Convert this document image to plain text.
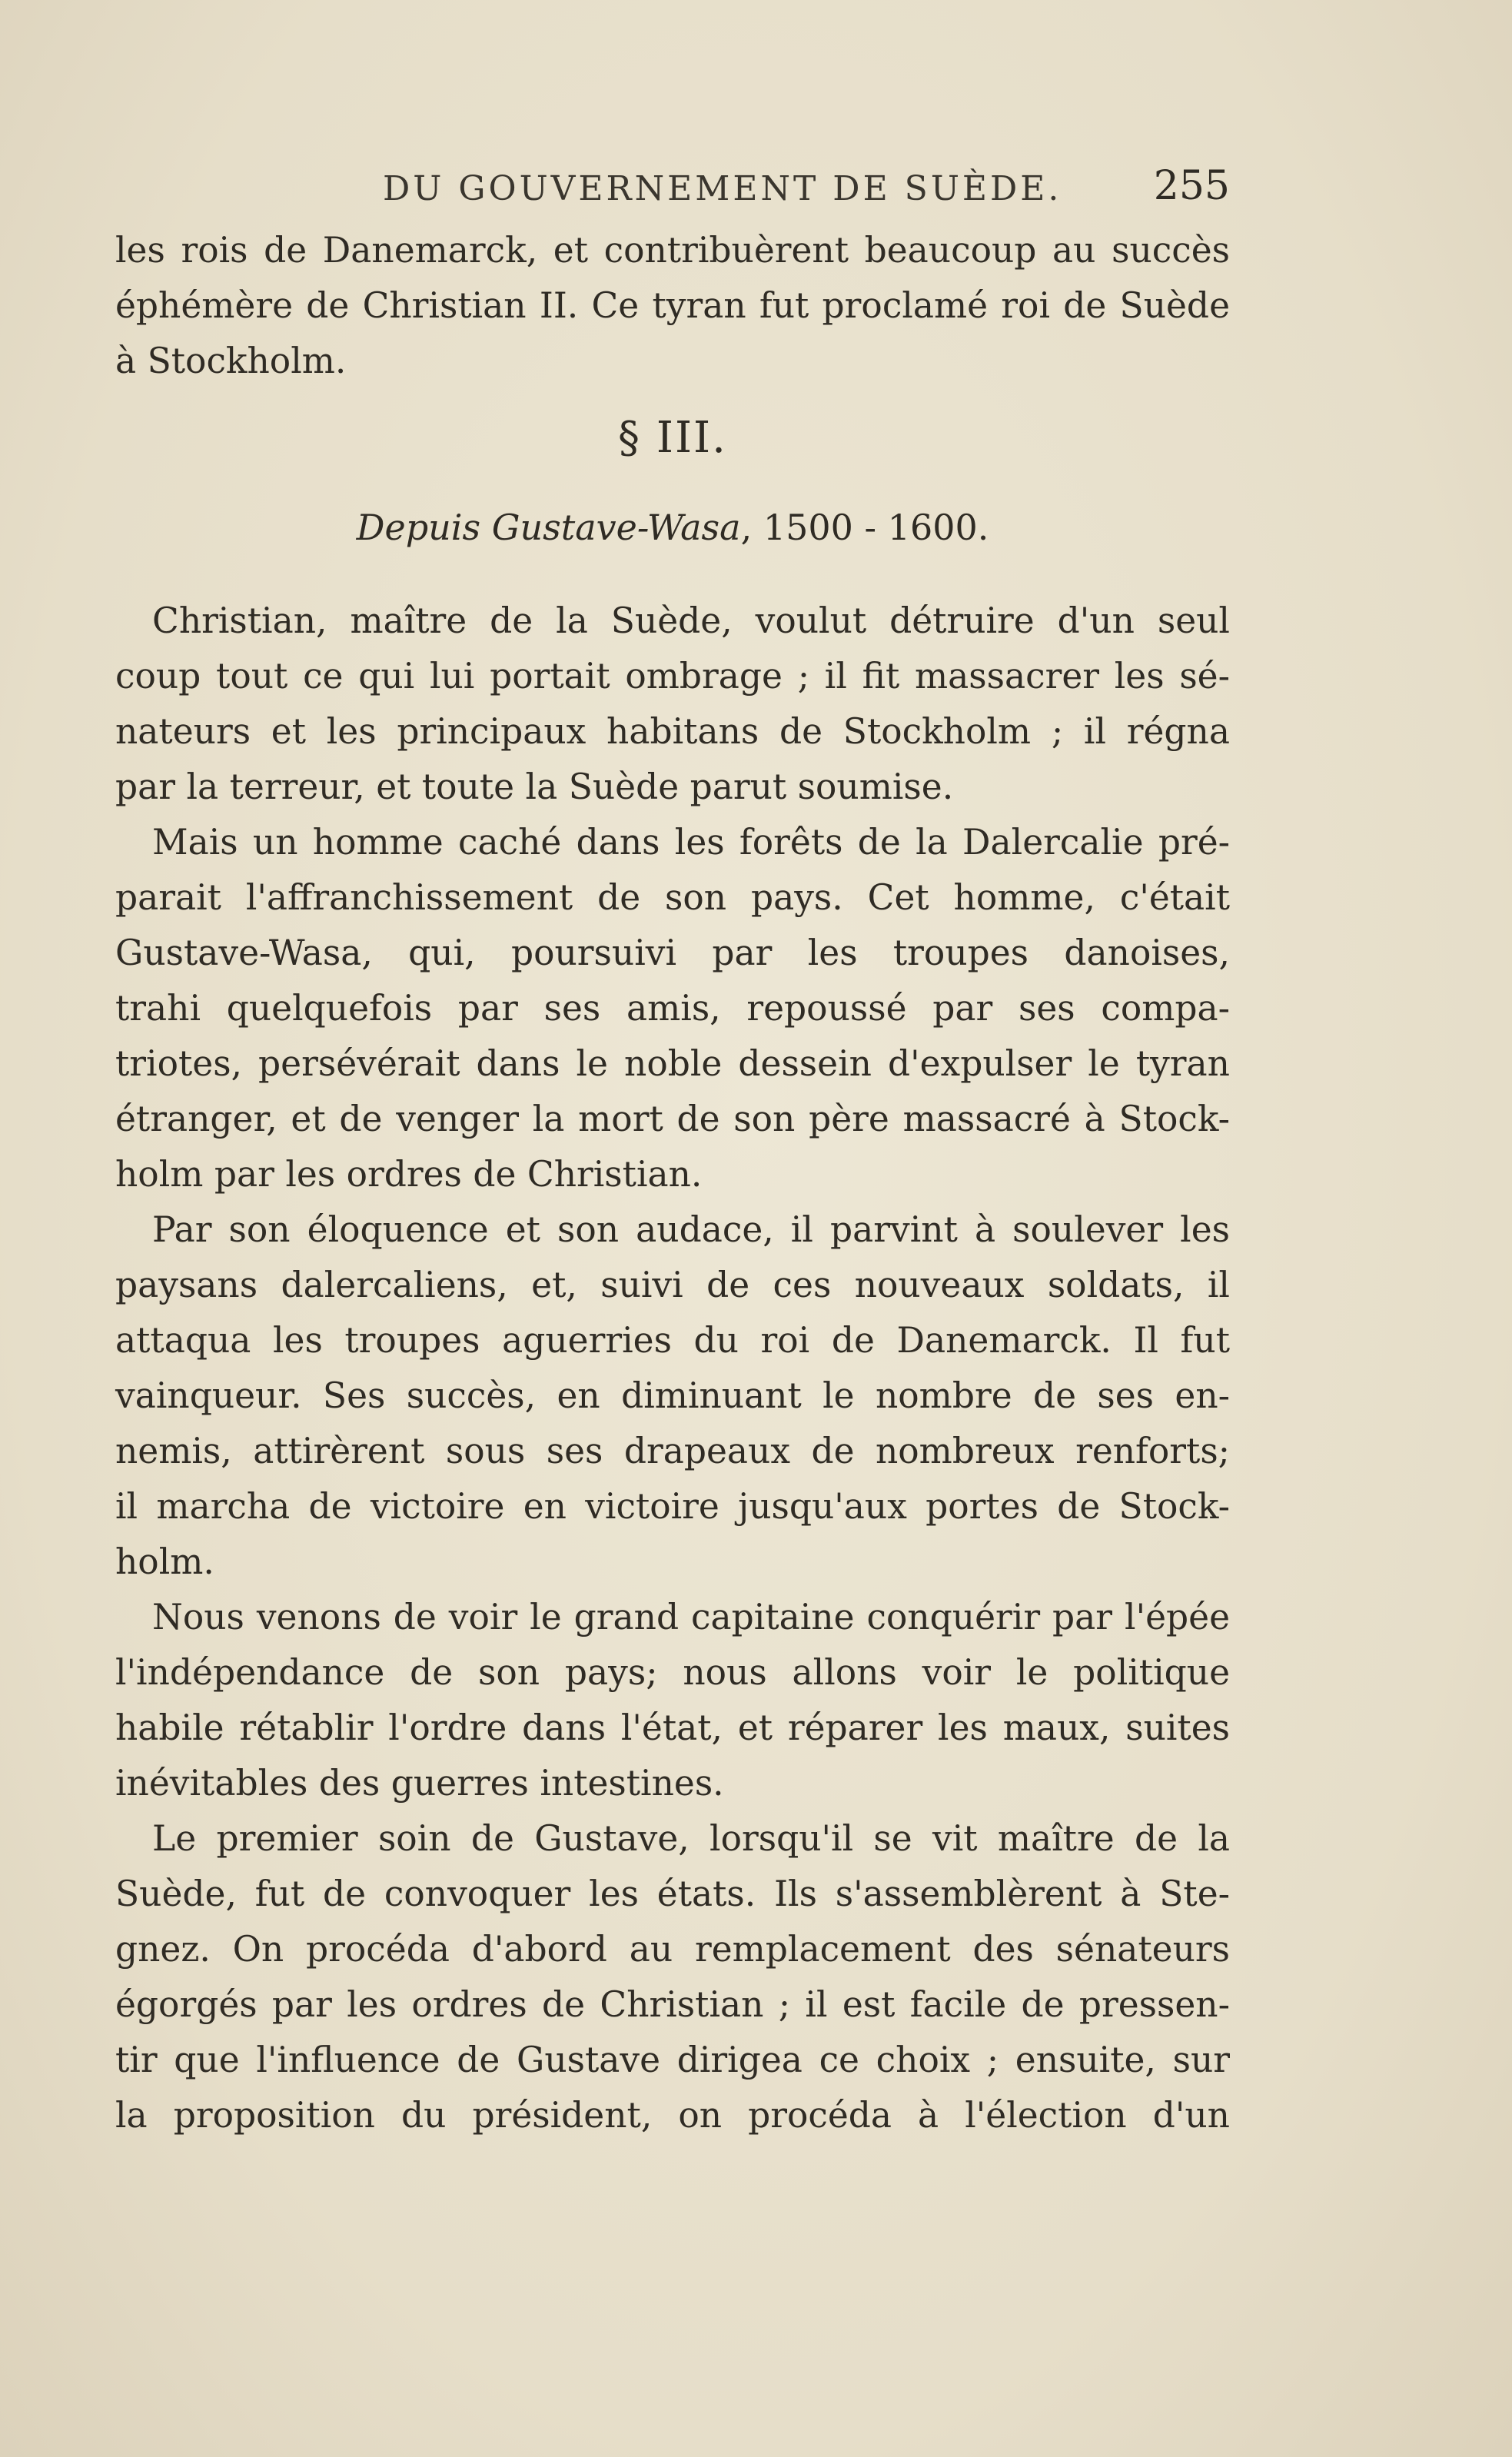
DU GOUVERNEMENT DE SUÈDE. 255
les rois de Danemarck, et contribuèrent beaucoup au succès
éphémère de Christian II. Ce tyran fut proclamé roi de Suède
à Stockholm.
§ III.
Depuis Gustave-Wasa, 1500 - 1600.
Christian, maître de la Suède, voulut détruire d'un seul
coup tout ce qui lui portait ombrage ; il fit massacrer les sé-
nateurs et les principaux habitans de Stockholm ; il régna
par la terreur, et toute la Suède parut soumise.
Mais un homme caché dans les forêts de la Dalercalie pré-
parait l'affranchissement de son pays. Cet homme, c'était
Gustave-Wasa, qui, poursuivi par les troupes danoises,
trahi quelquefois par ses amis, repoussé par ses compa-
triotes, persévérait dans le noble dessein d'expulser le tyran
étranger, et de venger la mort de son père massacré à Stock-
holm par les ordres de Christian.
Par son éloquence et son audace, il parvint à soulever les
paysans dalercaliens, et, suivi de ces nouveaux soldats, il
attaqua les troupes aguerries du roi de Danemarck. Il fut
vainqueur. Ses succès, en diminuant le nombre de ses en-
nemis, attirèrent sous ses drapeaux de nombreux renforts;
il marcha de victoire en victoire jusqu'aux portes de Stock-
holm.
Nous venons de voir le grand capitaine conquérir par l'épée
l'indépendance de son pays; nous allons voir le politique
habile rétablir l'ordre dans l'état, et réparer les maux, suites
inévitables des guerres intestines.
Le premier soin de Gustave, lorsqu'il se vit maître de la
Suède, fut de convoquer les états. Ils s'assemblèrent à Ste-
gnez. On procéda d'abord au remplacement des sénateurs
égorgés par les ordres de Christian ; il est facile de pressen-
tir que l'influence de Gustave dirigea ce choix ; ensuite, sur
la proposition du président, on procéda à l'élection d'un
